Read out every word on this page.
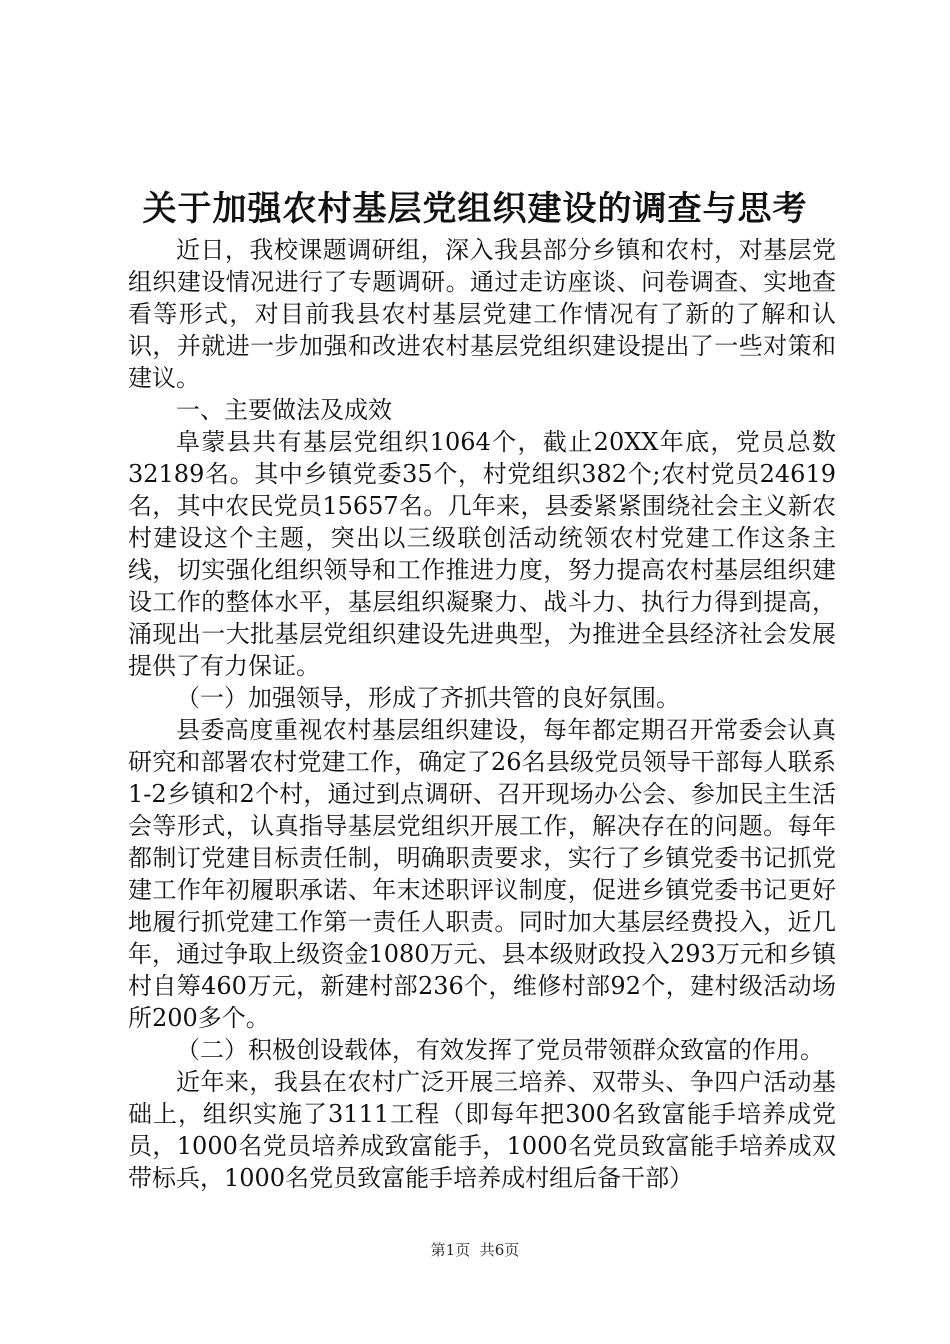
关于加强农村基层党组织建设的调查与思考

近日，我校课题调研组，深入我县部分乡镇和农村，对基层党组织建设情况进行了专题调研。通过走访座谈、问卷调查、实地查看等形式，对目前我县农村基层党建工作情况有了新的了解和认识，并就进一步加强和改进农村基层党组织建设提出了一些对策和建议。

一、主要做法及成效

阜蒙县共有基层党组织1064个，截止20XX年底，党员总数32189名。其中乡镇党委35个，村党组织382个;农村党员24619名，其中农民党员15657名。几年来，县委紧紧围绕社会主义新农村建设这个主题，突出以三级联创活动统领农村党建工作这条主线，切实强化组织领导和工作推进力度，努力提高农村基层组织建设工作的整体水平，基层组织凝聚力、战斗力、执行力得到提高，涌现出一大批基层党组织建设先进典型，为推进全县经济社会发展提供了有力保证。

（一）加强领导，形成了齐抓共管的良好氛围。

县委高度重视农村基层组织建设，每年都定期召开常委会认真研究和部署农村党建工作，确定了26名县级党员领导干部每人联系1-2乡镇和2个村，通过到点调研、召开现场办公会、参加民主生活会等形式，认真指导基层党组织开展工作，解决存在的问题。每年都制订党建目标责任制，明确职责要求，实行了乡镇党委书记抓党建工作年初履职承诺、年末述职评议制度，促进乡镇党委书记更好地履行抓党建工作第一责任人职责。同时加大基层经费投入，近几年，通过争取上级资金1080万元、县本级财政投入293万元和乡镇村自筹460万元，新建村部236个，维修村部92个，建村级活动场所200多个。

（二）积极创设载体，有效发挥了党员带领群众致富的作用。

近年来，我县在农村广泛开展三培养、双带头、争四户活动基础上，组织实施了3111工程（即每年把300名致富能手培养成党员，1000名党员培养成致富能手，1000名党员致富能手培养成双带标兵，1000名党员致富能手培养成村组后备干部）

第1页 共6页
